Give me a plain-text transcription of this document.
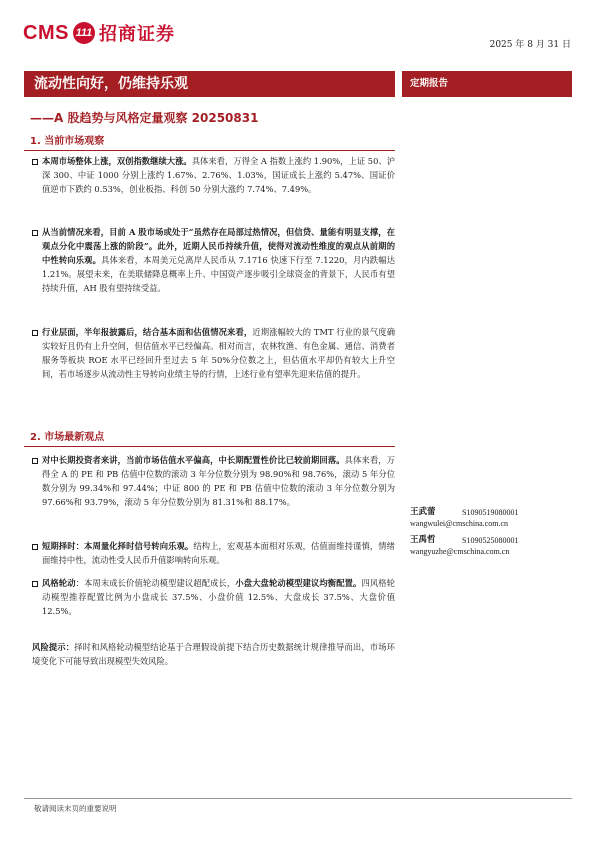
CMS 111 招商证券	2025 年 8 月 31 日
流动性向好，仍维持乐观	定期报告
——A 股趋势与风格定量观察 20250831
1. 当前市场观察
本周市场整体上涨，双创指数继续大涨。具体来看，万得全 A 指数上涨约 1.90%，上证 50、沪深 300、中证 1000 分别上涨约 1.67%、2.76%、1.03%，国证成长上涨约 5.47%、国证价值逆市下跌约 0.53%，创业板指、科创 50 分别大涨约 7.74%、7.49%。
从当前情况来看，目前 A 股市场或处于“虽然存在局部过热情况，但信贷、量能有明显支撑，在观点分化中震荡上涨的阶段”。此外，近期人民币持续升值，使得对流动性维度的观点从前期的中性转向乐观。具体来看，本周美元兑离岸人民币从 7.1716 快速下行至 7.1220，月内跌幅达 1.21%。展望未来，在美联储降息概率上升、中国资产逐步吸引全球资金的背景下，人民币有望持续升值，AH 股有望持续受益。
行业层面，半年报披露后，结合基本面和估值情况来看，近期涨幅较大的 TMT 行业的景气度确实较好且仍有上升空间，但估值水平已经偏高。相对而言，农林牧渔、有色金属、通信、消费者服务等板块 ROE 水平已经回升至过去 5 年 50%分位数之上，但估值水平却仍有较大上升空间，若市场逐步从流动性主导转向业绩主导的行情，上述行业有望率先迎来估值的提升。
2. 市场最新观点
对中长期投资者来讲，当前市场估值水平偏高，中长期配置性价比已较前期回落。具体来看，万得全 A 的 PE 和 PB 估值中位数的滚动 3 年分位数分别为 98.90%和 98.76%，滚动 5 年分位数分别为 99.34%和 97.44%；中证 800 的 PE 和 PB 估值中位数的滚动 3 年分位数分别为 97.66%和 93.79%，滚动 5 年分位数分别为 81.31%和 88.17%。
短期择时：本周量化择时信号转向乐观。结构上，宏观基本面相对乐观，估值面维持谨慎，情绪面维持中性，流动性受人民币升值影响转向乐观。
风格轮动：本周末成长价值轮动模型建议超配成长，小盘大盘轮动模型建议均衡配置。四风格轮动模型推荐配置比例为小盘成长 37.5%、小盘价值 12.5%、大盘成长 37.5%、大盘价值 12.5%。
风险提示：择时和风格轮动模型结论基于合理假设前提下结合历史数据统计规律推导而出，市场环境变化下可能导致出现模型失效风险。
王武蕾	S1090519080001
wangwulei@cmschina.com.cn
王禹哲	S1090525080001
wangyuzhe@cmschina.com.cn
敬请阅读末页的重要说明
